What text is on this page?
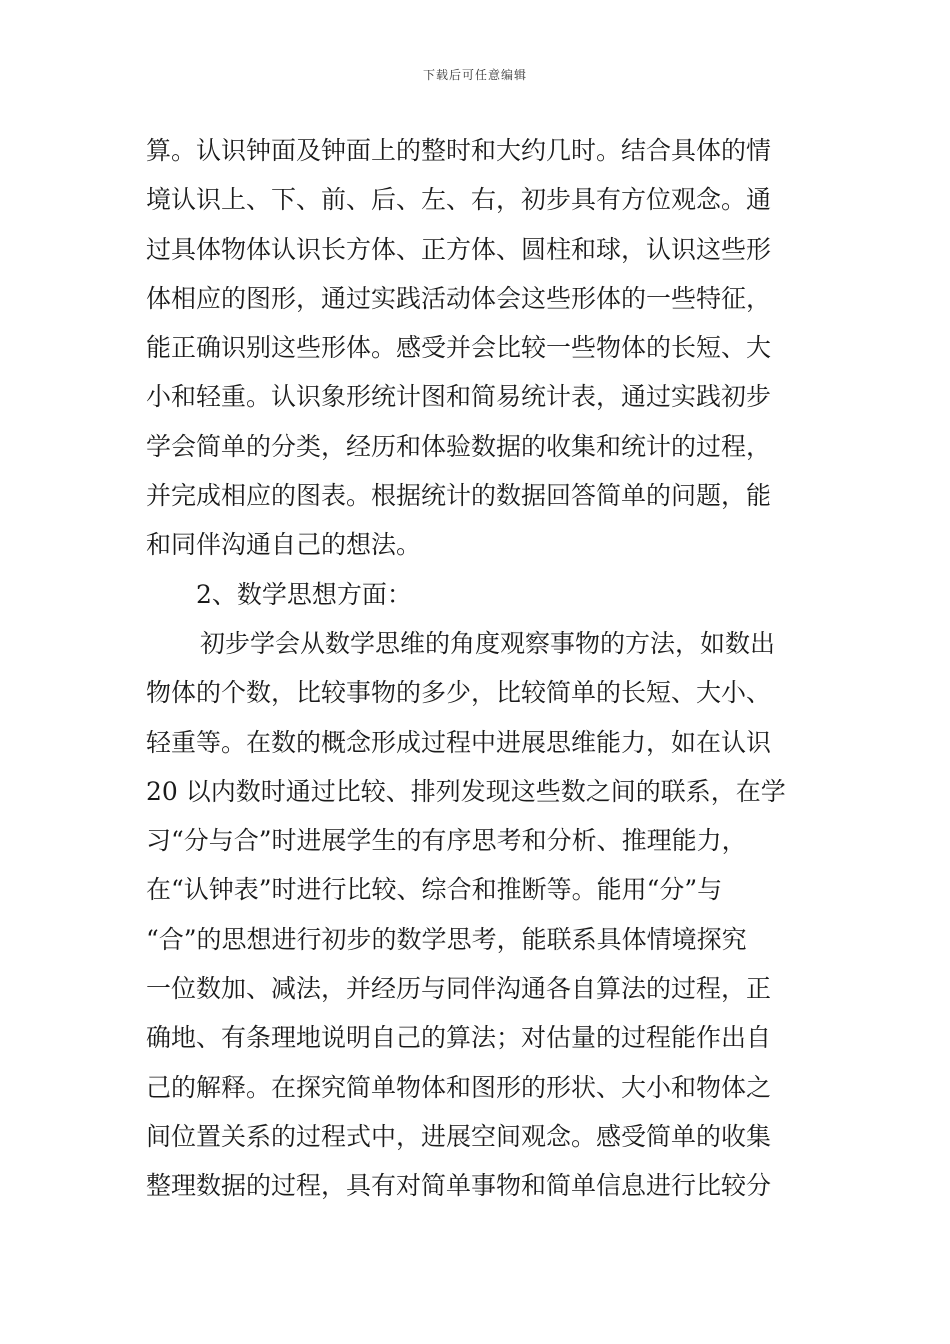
下载后可任意编辑
算。认识钟面及钟面上的整时和大约几时。结合具体的情
境认识上、下、前、后、左、右，初步具有方位观念。通
过具体物体认识长方体、正方体、圆柱和球，认识这些形
体相应的图形，通过实践活动体会这些形体的一些特征，
能正确识别这些形体。感受并会比较一些物体的长短、大
小和轻重。认识象形统计图和简易统计表，通过实践初步
学会简单的分类，经历和体验数据的收集和统计的过程，
并完成相应的图表。根据统计的数据回答简单的问题，能
和同伴沟通自己的想法。
2、数学思想方面：
初步学会从数学思维的角度观察事物的方法，如数出
物体的个数，比较事物的多少，比较简单的长短、大小、
轻重等。在数的概念形成过程中进展思维能力，如在认识
20 以内数时通过比较、排列发现这些数之间的联系，在学
习“分与合”时进展学生的有序思考和分析、推理能力，
在“认钟表”时进行比较、综合和推断等。能用“分”与
“合”的思想进行初步的数学思考，能联系具体情境探究
一位数加、减法，并经历与同伴沟通各自算法的过程，正
确地、有条理地说明自己的算法；对估量的过程能作出自
己的解释。在探究简单物体和图形的形状、大小和物体之
间位置关系的过程式中，进展空间观念。感受简单的收集
整理数据的过程，具有对简单事物和简单信息进行比较分
